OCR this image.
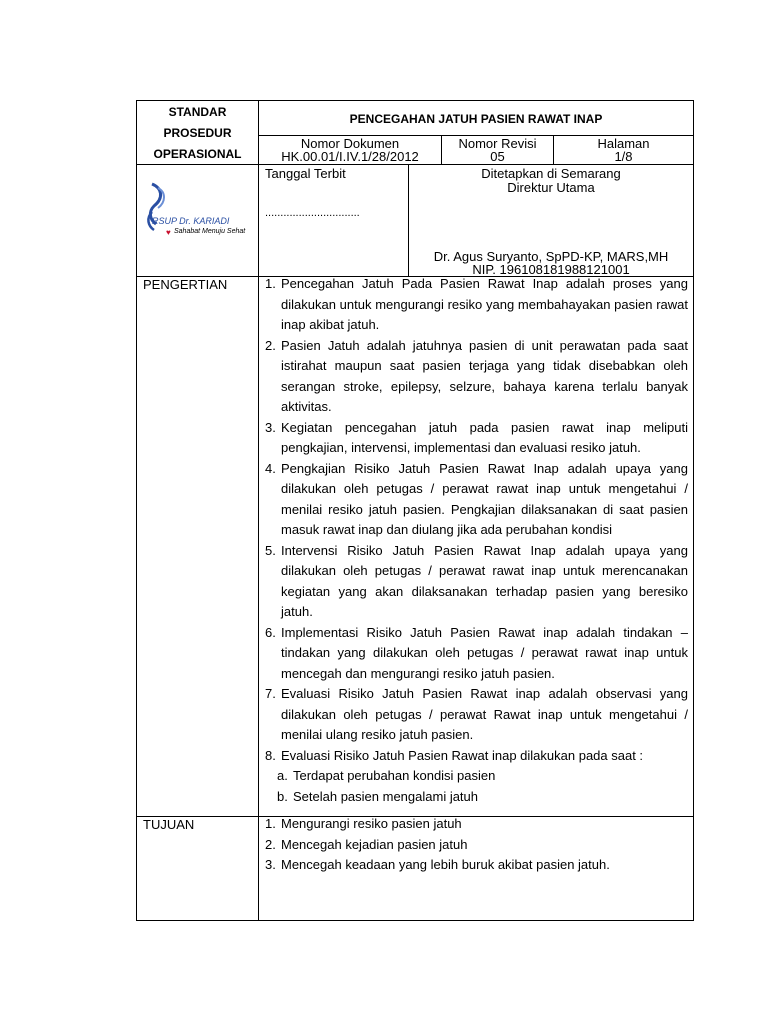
STANDAR
PROSEDUR
OPERASIONAL
PENCEGAHAN JATUH PASIEN RAWAT INAP
Nomor Dokumen
HK.00.01/I.IV.1/28/2012
Nomor Revisi
05
Halaman
1/8
RSUP Dr. KARIADI
♥ Sahabat Menuju Sehat
Tanggal Terbit
...............................
Ditetapkan di Semarang
Direktur Utama
Dr. Agus Suryanto, SpPD-KP, MARS,MH
NIP. 196108181988121001
PENGERTIAN	1. Pencegahan Jatuh Pada Pasien Rawat Inap adalah proses yang dilakukan untuk mengurangi resiko yang membahayakan pasien rawat inap akibat jatuh.
2. Pasien Jatuh adalah jatuhnya pasien di unit perawatan pada saat istirahat maupun saat pasien terjaga yang tidak disebabkan oleh serangan stroke, epilepsy, selzure, bahaya karena terlalu banyak aktivitas.
3. Kegiatan pencegahan jatuh pada pasien rawat inap meliputi pengkajian, intervensi, implementasi dan evaluasi resiko jatuh.
4. Pengkajian Risiko Jatuh Pasien Rawat Inap adalah upaya yang dilakukan oleh petugas / perawat rawat inap untuk mengetahui / menilai resiko jatuh pasien. Pengkajian dilaksanakan di saat pasien masuk rawat inap dan diulang jika ada perubahan kondisi
5. Intervensi Risiko Jatuh Pasien Rawat Inap adalah upaya yang dilakukan oleh petugas / perawat rawat inap untuk merencanakan kegiatan yang akan dilaksanakan terhadap pasien yang beresiko jatuh.
6. Implementasi Risiko Jatuh Pasien Rawat inap adalah tindakan – tindakan yang dilakukan oleh petugas / perawat rawat inap untuk mencegah dan mengurangi resiko jatuh pasien.
7. Evaluasi Risiko Jatuh Pasien Rawat inap adalah observasi yang dilakukan oleh petugas / perawat Rawat inap untuk mengetahui / menilai ulang resiko jatuh pasien.
8. Evaluasi Risiko Jatuh Pasien Rawat inap dilakukan pada saat :
a. Terdapat perubahan kondisi pasien
b. Setelah pasien mengalami jatuh
TUJUAN	1. Mengurangi resiko pasien jatuh
2. Mencegah kejadian pasien jatuh
3. Mencegah keadaan yang lebih buruk akibat pasien jatuh.
